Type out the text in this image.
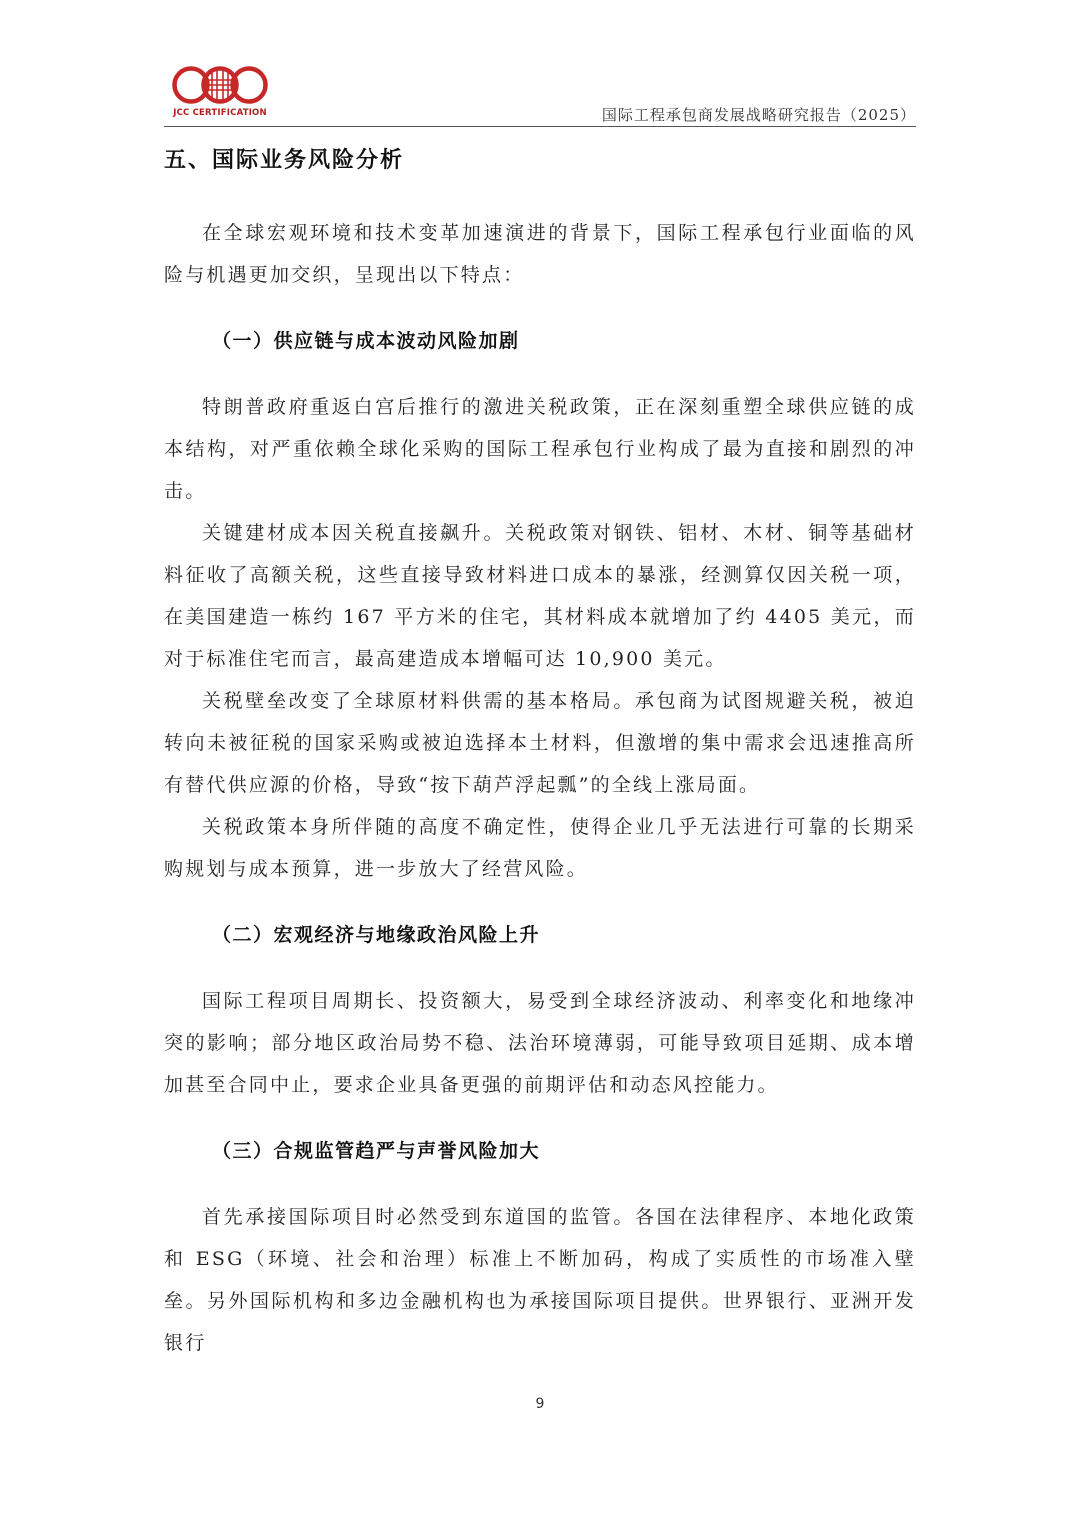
JCC CERTIFICATION	国际工程承包商发展战略研究报告（2025）
五、国际业务风险分析

在全球宏观环境和技术变革加速演进的背景下，国际工程承包行业面临的风险与机遇更加交织，呈现出以下特点：

（一）供应链与成本波动风险加剧

特朗普政府重返白宫后推行的激进关税政策，正在深刻重塑全球供应链的成本结构，对严重依赖全球化采购的国际工程承包行业构成了最为直接和剧烈的冲击。

关键建材成本因关税直接飙升。关税政策对钢铁、铝材、木材、铜等基础材料征收了高额关税，这些直接导致材料进口成本的暴涨，经测算仅因关税一项，在美国建造一栋约 167 平方米的住宅，其材料成本就增加了约 4405 美元，而对于标准住宅而言，最高建造成本增幅可达 10,900 美元。

关税壁垒改变了全球原材料供需的基本格局。承包商为试图规避关税，被迫转向未被征税的国家采购或被迫选择本土材料，但激增的集中需求会迅速推高所有替代供应源的价格，导致“按下葫芦浮起瓢”的全线上涨局面。

关税政策本身所伴随的高度不确定性，使得企业几乎无法进行可靠的长期采购规划与成本预算，进一步放大了经营风险。

（二）宏观经济与地缘政治风险上升

国际工程项目周期长、投资额大，易受到全球经济波动、利率变化和地缘冲突的影响；部分地区政治局势不稳、法治环境薄弱，可能导致项目延期、成本增加甚至合同中止，要求企业具备更强的前期评估和动态风控能力。

（三）合规监管趋严与声誉风险加大

首先承接国际项目时必然受到东道国的监管。各国在法律程序、本地化政策和 ESG（环境、社会和治理）标准上不断加码，构成了实质性的市场准入壁垒。另外国际机构和多边金融机构也为承接国际项目提供。世界银行、亚洲开发银行

9
